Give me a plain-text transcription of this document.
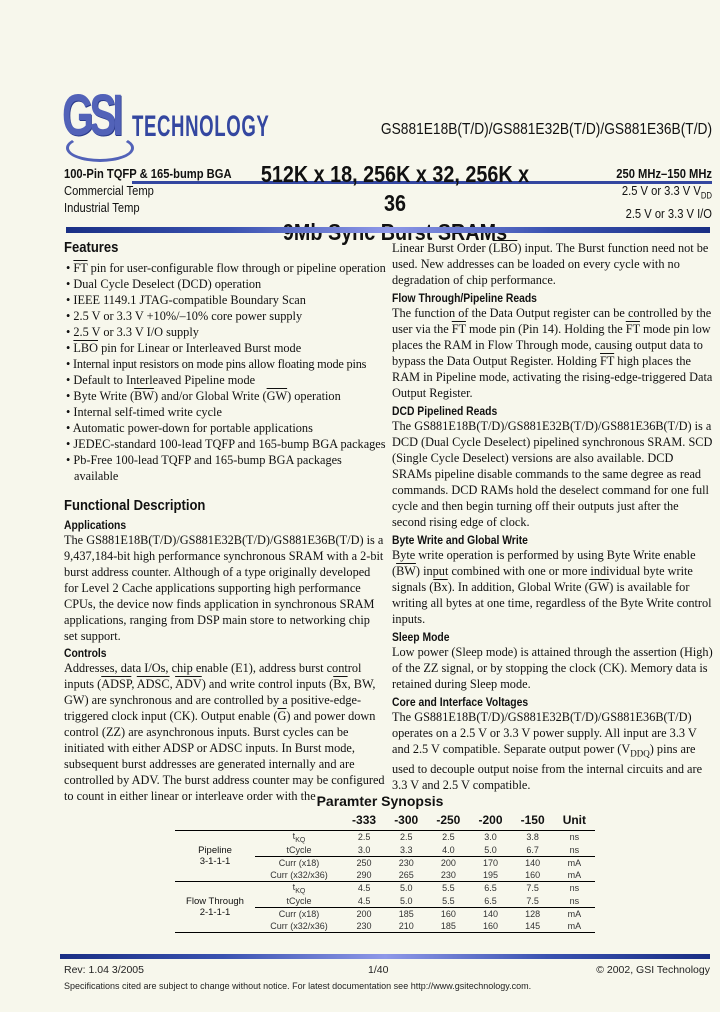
GSI TECHNOLOGY	GS881E18B(T/D)/GS881E32B(T/D)/GS881E36B(T/D)
100-Pin TQFP & 165-bump BGA
Commercial Temp
Industrial Temp
512K x 18, 256K x 32, 256K x 36
250 MHz–150 MHz
2.5 V or 3.3 V $V_{DD}$
2.5 V or 3.3 V I/O
Features
• $\overline{FT}$ pin for user-configurable flow through or pipeline operation
• Dual Cycle Deselect (DCD) operation
• IEEE 1149.1 JTAG-compatible Boundary Scan
• 2.5 V or 3.3 V +10%/–10% core power supply
• 2.5 V or 3.3 V I/O supply
• $\overline{LBO}$ pin for Linear or Interleaved Burst mode
• Internal input resistors on mode pins allow floating mode pins
• Default to Interleaved Pipeline mode
• Byte Write $(\overline{BW})$ and/or Global Write $(\overline{GW})$ operation
• Internal self-timed write cycle
• Automatic power-down for portable applications
• JEDEC-standard 100-lead TQFP and 165-bump BGA packages
• Pb-Free 100-lead TQFP and 165-bump BGA packages available
Functional Description
Applications

The GS881E18B(T/D)/GS881E32B(T/D)/GS881E36B(T/D) is a 9,437,184-bit high performance synchronous SRAM with a 2-bit burst address counter. Although of a type originally developed for Level 2 Cache applications supporting high performance CPUs, the device now finds application in synchronous SRAM applications, ranging from DSP main store to networking chip set support.

Controls

Addresses, data I/Os, chip enable (E1), address burst control inputs (ADSP, ADSC, $\overline{ADV}$) and write control inputs ($\overline{Bx}$, BW, GW) are synchronous and are controlled by a positive-edge-triggered clock input (CK). Output enable $(\overline{G})$ and power down control (ZZ) are asynchronous inputs. Burst cycles can be initiated with either ADSP or ADSC inputs. In Burst mode, subsequent burst addresses are generated internally and are controlled by ADV. The burst address counter may be configured to count in either linear or interleave order with the

Linear Burst Order $(\overline{LBO})$ input. The Burst function need not be used. New addresses can be loaded on every cycle with no degradation of chip performance.

Flow Through/Pipeline Reads

The function of the Data Output register can be controlled by the user via the $\overline{FT}$ mode pin (Pin 14). Holding the $\overline{FT}$ mode pin low places the RAM in Flow Through mode, causing output data to bypass the Data Output Register. Holding $\overline{FT}$ high places the RAM in Pipeline mode, activating the rising-edge-triggered Data Output Register.

DCD Pipelined Reads

The GS881E18B(T/D)/GS881E32B(T/D)/GS881E36B(T/D) is a DCD (Dual Cycle Deselect) pipelined synchronous SRAM. SCD (Single Cycle Deselect) versions are also available. DCD SRAMs pipeline disable commands to the same degree as read commands. DCD RAMs hold the deselect command for one full cycle and then begin turning off their outputs just after the second rising edge of clock.

Byte Write and Global Write

Byte write operation is performed by using Byte Write enable $(\overline{BW})$ input combined with one or more individual byte write signals $(\overline{Bx})$. In addition, Global Write $(\overline{GW})$ is available for writing all bytes at one time, regardless of the Byte Write control inputs.

Sleep Mode

Low power (Sleep mode) is attained through the assertion (High) of the ZZ signal, or by stopping the clock (CK). Memory data is retained during Sleep mode.

Core and Interface Voltages

The GS881E18B(T/D)/GS881E32B(T/D)/GS881E36B(T/D) operates on a 2.5 V or 3.3 V power supply. All input are 3.3 V and 2.5 V compatible. Separate output power $(V_{DDQ})$ pins are used to decouple output noise from the internal circuits and are 3.3 V and 2.5 V compatible.

Paramter Synopsis
		-333	-300	-250	-200	-150	Unit
Pipeline
3-1-1-1	$t_{KQ}$	2.5	2.5	2.5	3.0	3.8	ns
	tCycle	3.0	3.3	4.0	5.0	6.7	ns
	Curr (x18)	250	230	200	170	140	mA
	Curr (x32/x36)	290	265	230	195	160	mA
Flow Through
2-1-1-1	$t_{KQ}$	4.5	5.0	5.5	6.5	7.5	ns
	tCycle	4.5	5.0	5.5	6.5	7.5	ns
	Curr (x18)	200	185	160	140	128	mA
	Curr (x32/x36)	230	210	185	160	145	mA
Rev: 1.04 3/2005	1/40	© 2002, GSI Technology
Specifications cited are subject to change without notice. For latest documentation see http://www.gsitechnology.com.
